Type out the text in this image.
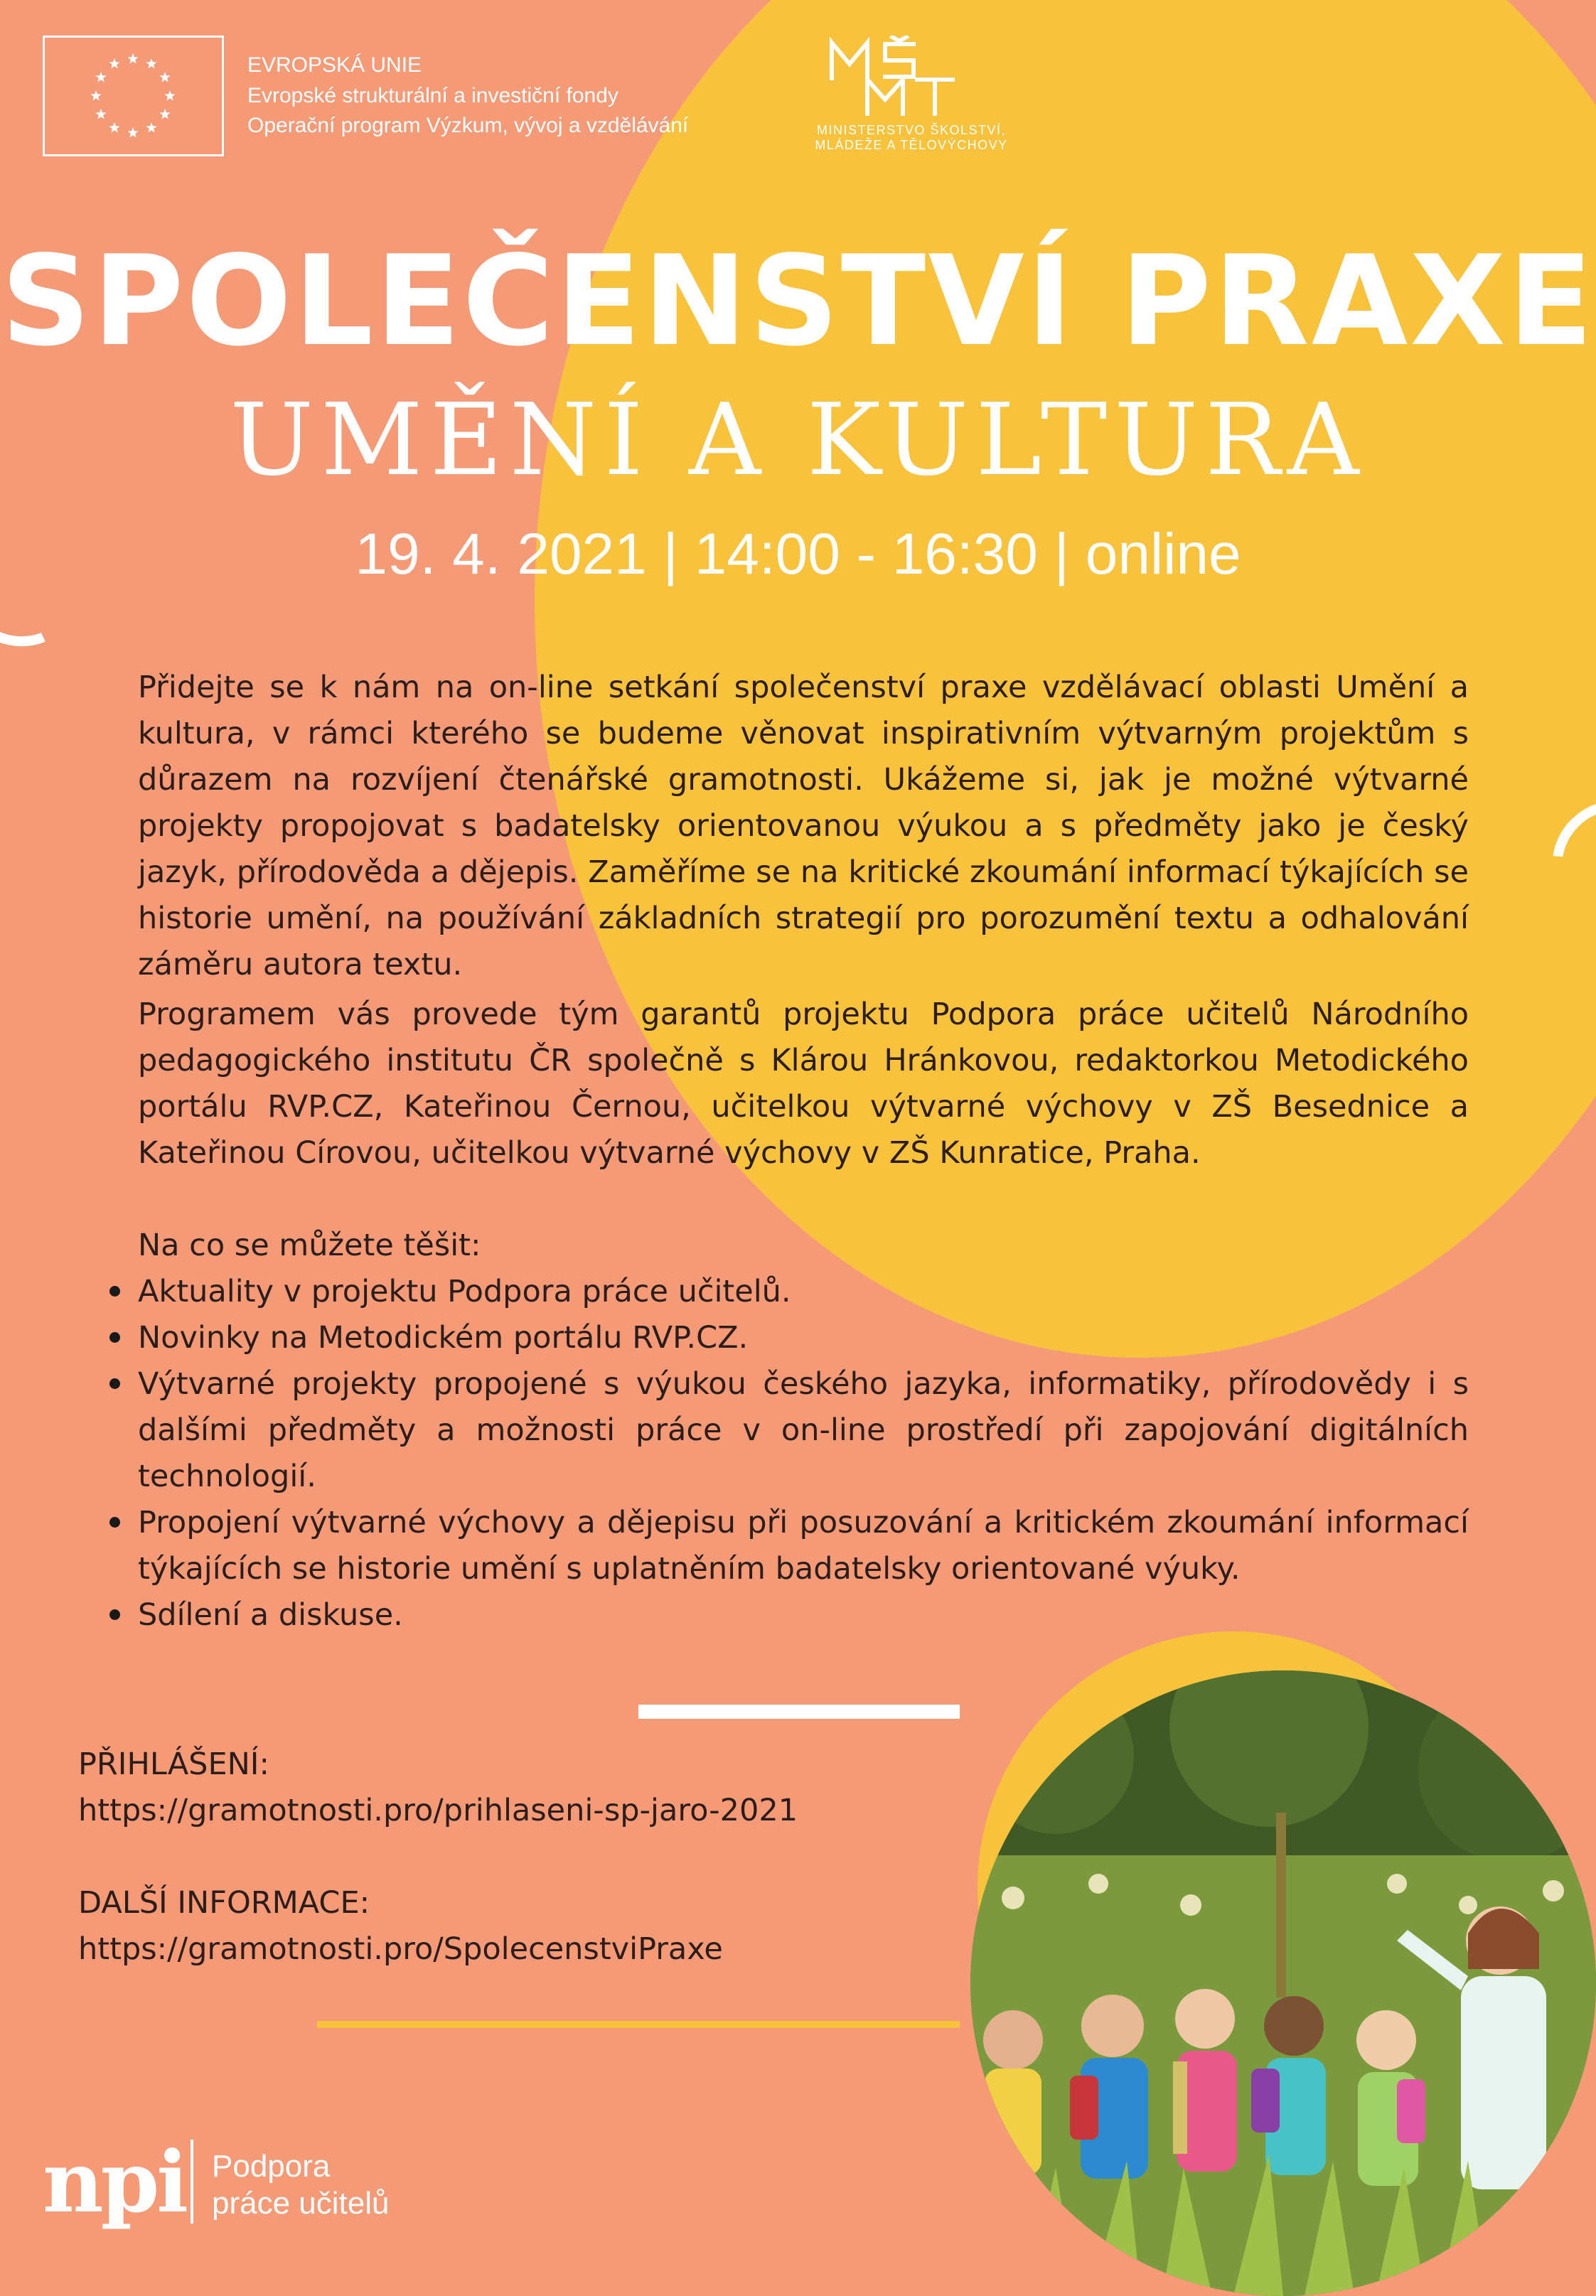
EVROPSKÁ UNIE
Evropské strukturální a investiční fondy
Operační program Výzkum, vývoj a vzdělávání	MINISTERSTVO ŠKOLSTVÍ,
MLÁDEŽE A TĚLOVÝCHOVY
SPOLEČENSTVÍ PRAXE
UMĚNÍ A KULTURA
19. 4. 2021 | 14:00 - 16:30 | online
Přidejte se k nám na on-line setkání společenství praxe vzdělávací oblasti Umění a kultura, v rámci kterého se budeme věnovat inspirativním výtvarným projektům s důrazem na rozvíjení čtenářské gramotnosti. Ukážeme si, jak je možné výtvarné projekty propojovat s badatelsky orientovanou výukou a s předměty jako je český jazyk, přírodověda a dějepis. Zaměříme se na kritické zkoumání informací týkajících se historie umění, na používání základních strategií pro porozumění textu a odhalování záměru autora textu.
Programem vás provede tým garantů projektu Podpora práce učitelů Národního pedagogického institutu ČR společně s Klárou Hránkovou, redaktorkou Metodického portálu RVP.CZ, Kateřinou Černou, učitelkou výtvarné výchovy v ZŠ Besednice a Kateřinou Círovou, učitelkou výtvarné výchovy v ZŠ Kunratice, Praha.
Na co se můžete těšit:
Aktuality v projektu Podpora práce učitelů.
Novinky na Metodickém portálu RVP.CZ.
Výtvarné projekty propojené s výukou českého jazyka, informatiky, přírodovědy i s dalšími předměty a možnosti práce v on-line prostředí při zapojování digitálních technologií.
Propojení výtvarné výchovy a dějepisu při posuzování a kritickém zkoumání informací týkajících se historie umění s uplatněním badatelsky orientované výuky.
Sdílení a diskuse.
PŘIHLÁŠENÍ:
https://gramotnosti.pro/prihlaseni-sp-jaro-2021
DALŠÍ INFORMACE:
https://gramotnosti.pro/SpolecenstviPraxe
npi Podpora
práce učitelů
